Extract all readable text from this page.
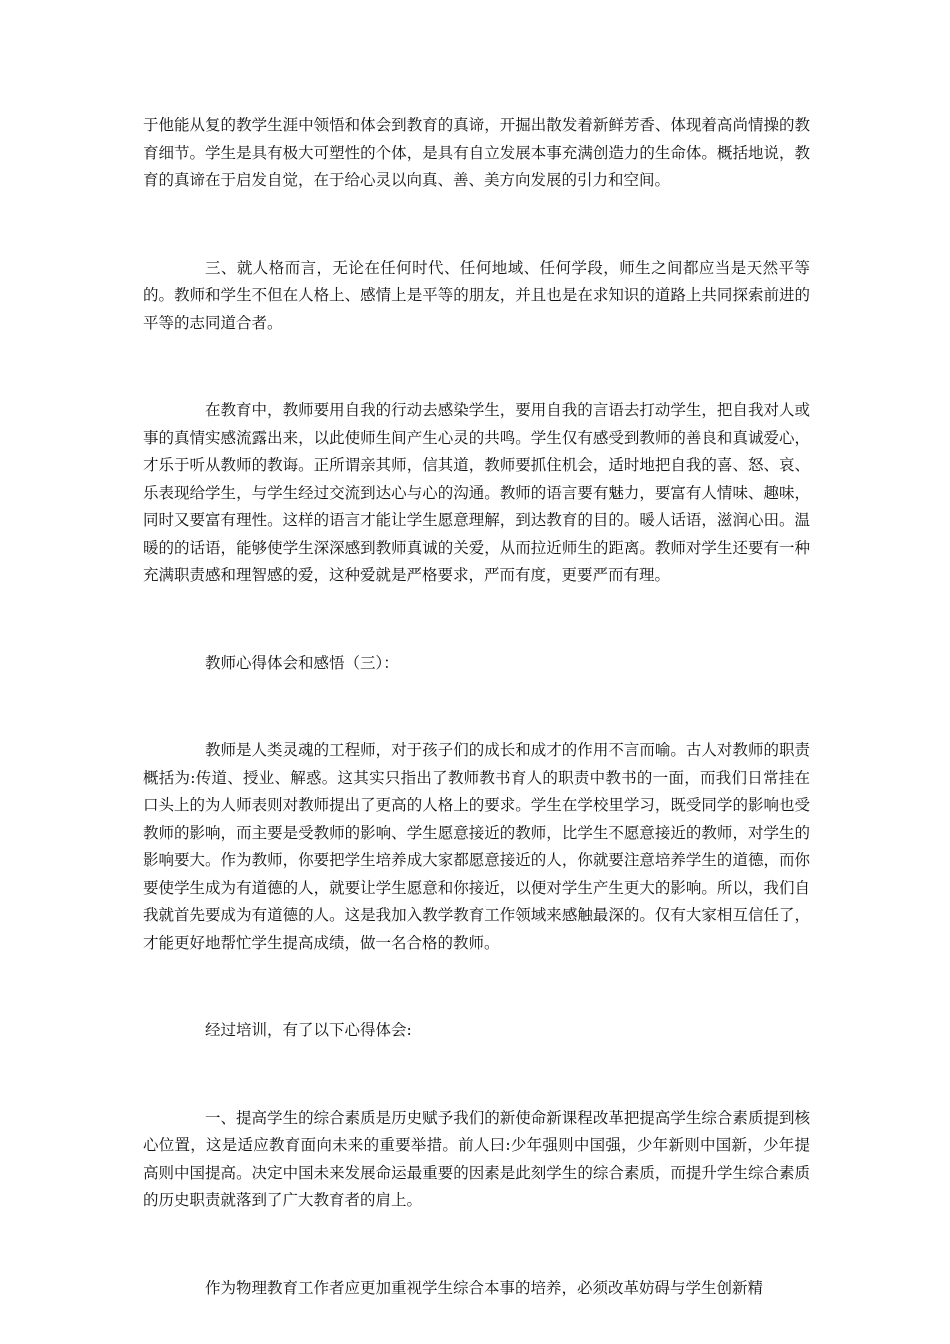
于他能从复的教学生涯中领悟和体会到教育的真谛，开掘出散发着新鲜芳香、体现着高尚情操的教育细节。学生是具有极大可塑性的个体，是具有自立发展本事充满创造力的生命体。概括地说，教育的真谛在于启发自觉，在于给心灵以向真、善、美方向发展的引力和空间。

三、就人格而言，无论在任何时代、任何地域、任何学段，师生之间都应当是天然平等的。教师和学生不但在人格上、感情上是平等的朋友，并且也是在求知识的道路上共同探索前进的平等的志同道合者。

在教育中，教师要用自我的行动去感染学生，要用自我的言语去打动学生，把自我对人或事的真情实感流露出来，以此使师生间产生心灵的共鸣。学生仅有感受到教师的善良和真诚爱心，才乐于听从教师的教诲。正所谓亲其师，信其道，教师要抓住机会，适时地把自我的喜、怒、哀、乐表现给学生，与学生经过交流到达心与心的沟通。教师的语言要有魅力，要富有人情味、趣味，同时又要富有理性。这样的语言才能让学生愿意理解，到达教育的目的。暖人话语，滋润心田。温暖的的话语，能够使学生深深感到教师真诚的关爱，从而拉近师生的距离。教师对学生还要有一种充满职责感和理智感的爱，这种爱就是严格要求，严而有度，更要严而有理。

教师心得体会和感悟（三）：

教师是人类灵魂的工程师，对于孩子们的成长和成才的作用不言而喻。古人对教师的职责概括为:传道、授业、解惑。这其实只指出了教师教书育人的职责中教书的一面，而我们日常挂在口头上的为人师表则对教师提出了更高的人格上的要求。学生在学校里学习，既受同学的影响也受教师的影响，而主要是受教师的影响、学生愿意接近的教师，比学生不愿意接近的教师，对学生的影响要大。作为教师，你要把学生培养成大家都愿意接近的人，你就要注意培养学生的道德，而你要使学生成为有道德的人，就要让学生愿意和你接近，以便对学生产生更大的影响。所以，我们自我就首先要成为有道德的人。这是我加入教学教育工作领域来感触最深的。仅有大家相互信任了，才能更好地帮忙学生提高成绩，做一名合格的教师。

经过培训，有了以下心得体会:

一、提高学生的综合素质是历史赋予我们的新使命新课程改革把提高学生综合素质提到核心位置，这是适应教育面向未来的重要举措。前人曰:少年强则中国强，少年新则中国新，少年提高则中国提高。决定中国未来发展命运最重要的因素是此刻学生的综合素质，而提升学生综合素质的历史职责就落到了广大教育者的肩上。

作为物理教育工作者应更加重视学生综合本事的培养，必须改革妨碍与学生创新精
